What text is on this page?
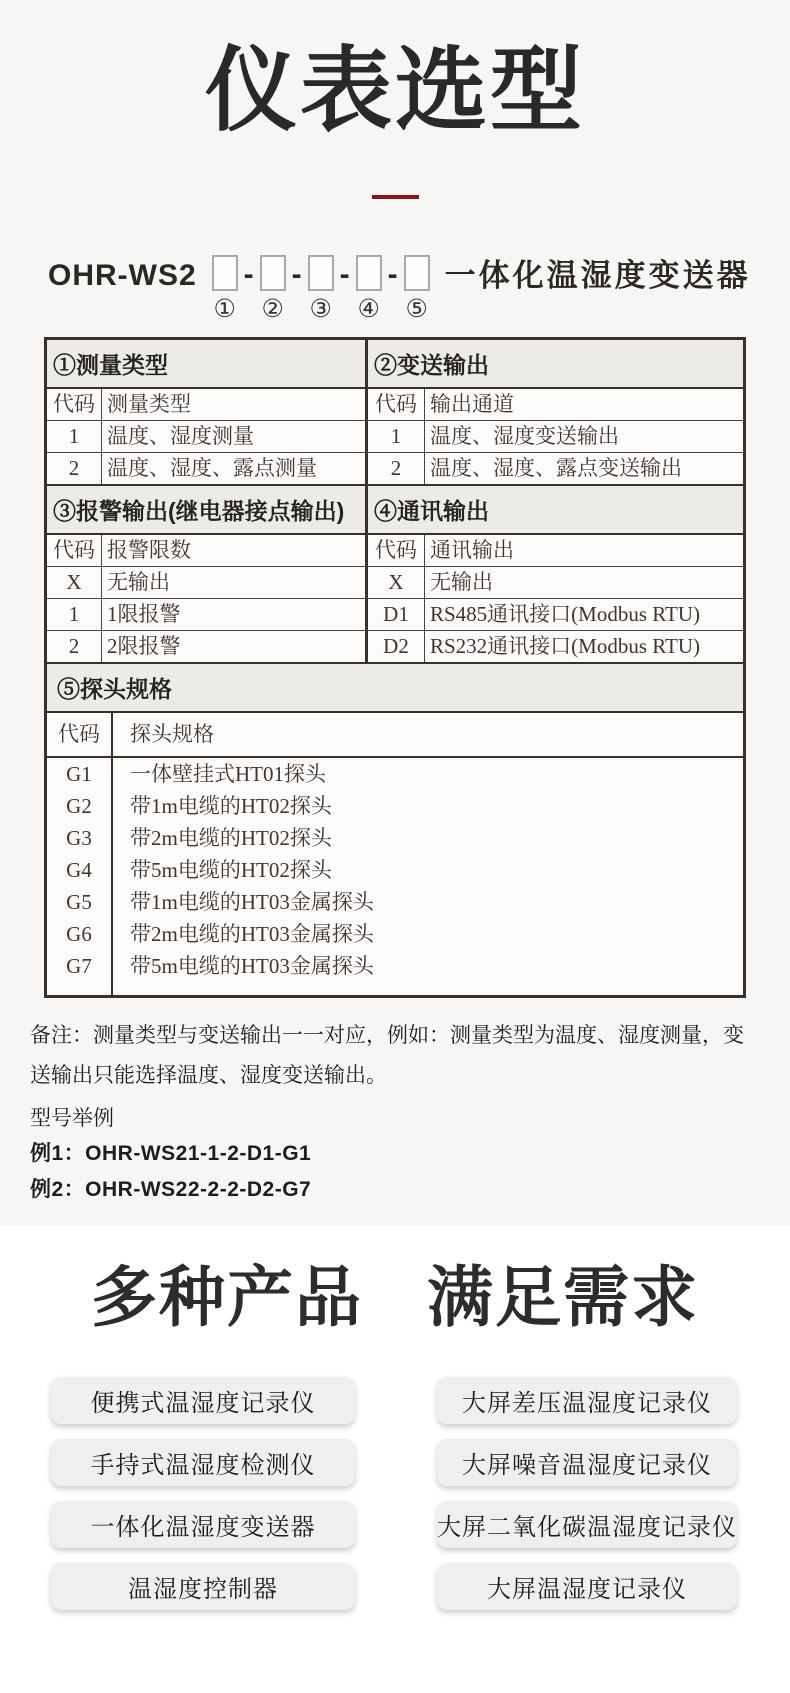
仪表选型
OHR-WS2
①
-
②
-
③
-
④
-
⑤
一体化温湿度变送器
①测量类型	②变送输出
代码 测量类型	代码 输出通道
1	温度、湿度测量	1	温度、湿度变送输出
2	温度、湿度、露点测量	2	温度、湿度、露点变送输出
③报警输出(继电器接点输出)	④通讯输出
代码 报警限数	代码 通讯输出
X	无输出	X	无输出
1	1限报警	D1	RS485通讯接口(Modbus RTU)
2	2限报警	D2	RS232通讯接口(Modbus RTU)
⑤探头规格
代码	探头规格
G1	一体壁挂式HT01探头
G2	带1m电缆的HT02探头
G3	带2m电缆的HT02探头
G4	带5m电缆的HT02探头
G5	带1m电缆的HT03金属探头
G6	带2m电缆的HT03金属探头
G7	带5m电缆的HT03金属探头
备注：测量类型与变送输出一一对应，例如：测量类型为温度、湿度测量，变送输出只能选择温度、湿度变送输出。
型号举例
例1：OHR-WS21-1-2-D1-G1
例2：OHR-WS22-2-2-D2-G7
多种产品 满足需求
便携式温湿度记录仪	大屏差压温湿度记录仪
手持式温湿度检测仪	大屏噪音温湿度记录仪
一体化温湿度变送器	大屏二氧化碳温湿度记录仪
温湿度控制器	大屏温湿度记录仪
